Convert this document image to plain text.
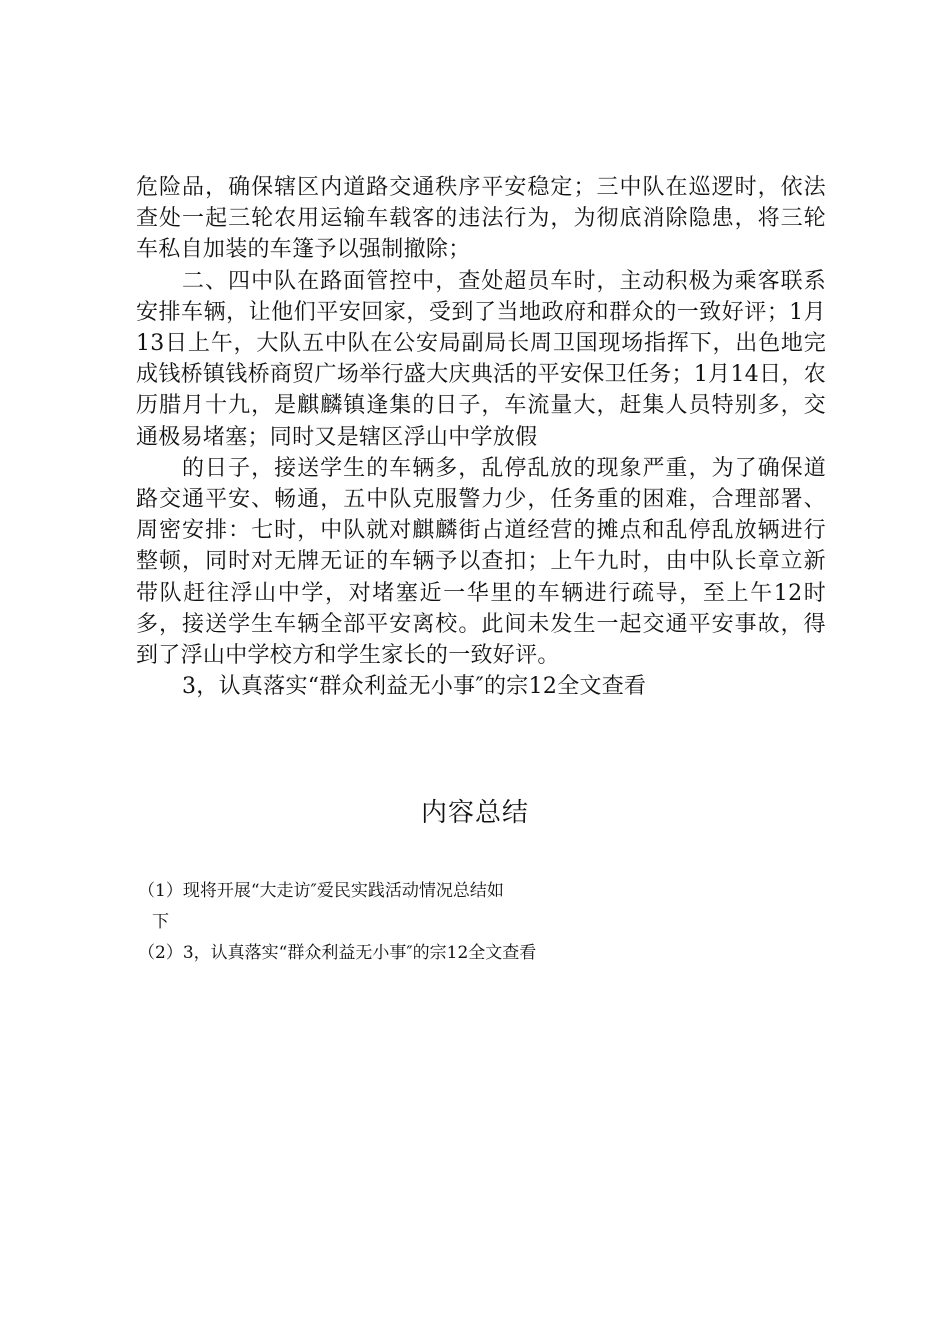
危险品，确保辖区内道路交通秩序平安稳定；三中队在巡逻时，依法查处一起三轮农用运输车载客的违法行为，为彻底消除隐患，将三轮车私自加装的车篷予以强制撤除；

二、四中队在路面管控中，查处超员车时，主动积极为乘客联系安排车辆，让他们平安回家，受到了当地政府和群众的一致好评；1月13日上午，大队五中队在公安局副局长周卫国现场指挥下，出色地完成钱桥镇钱桥商贸广场举行盛大庆典活的平安保卫任务；1月14日，农历腊月十九，是麒麟镇逢集的日子，车流量大，赶集人员特别多，交通极易堵塞；同时又是辖区浮山中学放假

的日子，接送学生的车辆多，乱停乱放的现象严重，为了确保道路交通平安、畅通，五中队克服警力少，任务重的困难，合理部署、周密安排：七时，中队就对麒麟街占道经营的摊点和乱停乱放辆进行整顿，同时对无牌无证的车辆予以查扣；上午九时，由中队长章立新带队赶往浮山中学，对堵塞近一华里的车辆进行疏导，至上午12时多，接送学生车辆全部平安离校。此间未发生一起交通平安事故，得到了浮山中学校方和学生家长的一致好评。

3，认真落实“群众利益无小事″的宗12全文查看

内容总结

（1）现将开展“大走访″爱民实践活动情况总结如
下

（2）3，认真落实“群众利益无小事″的宗12全文查看
